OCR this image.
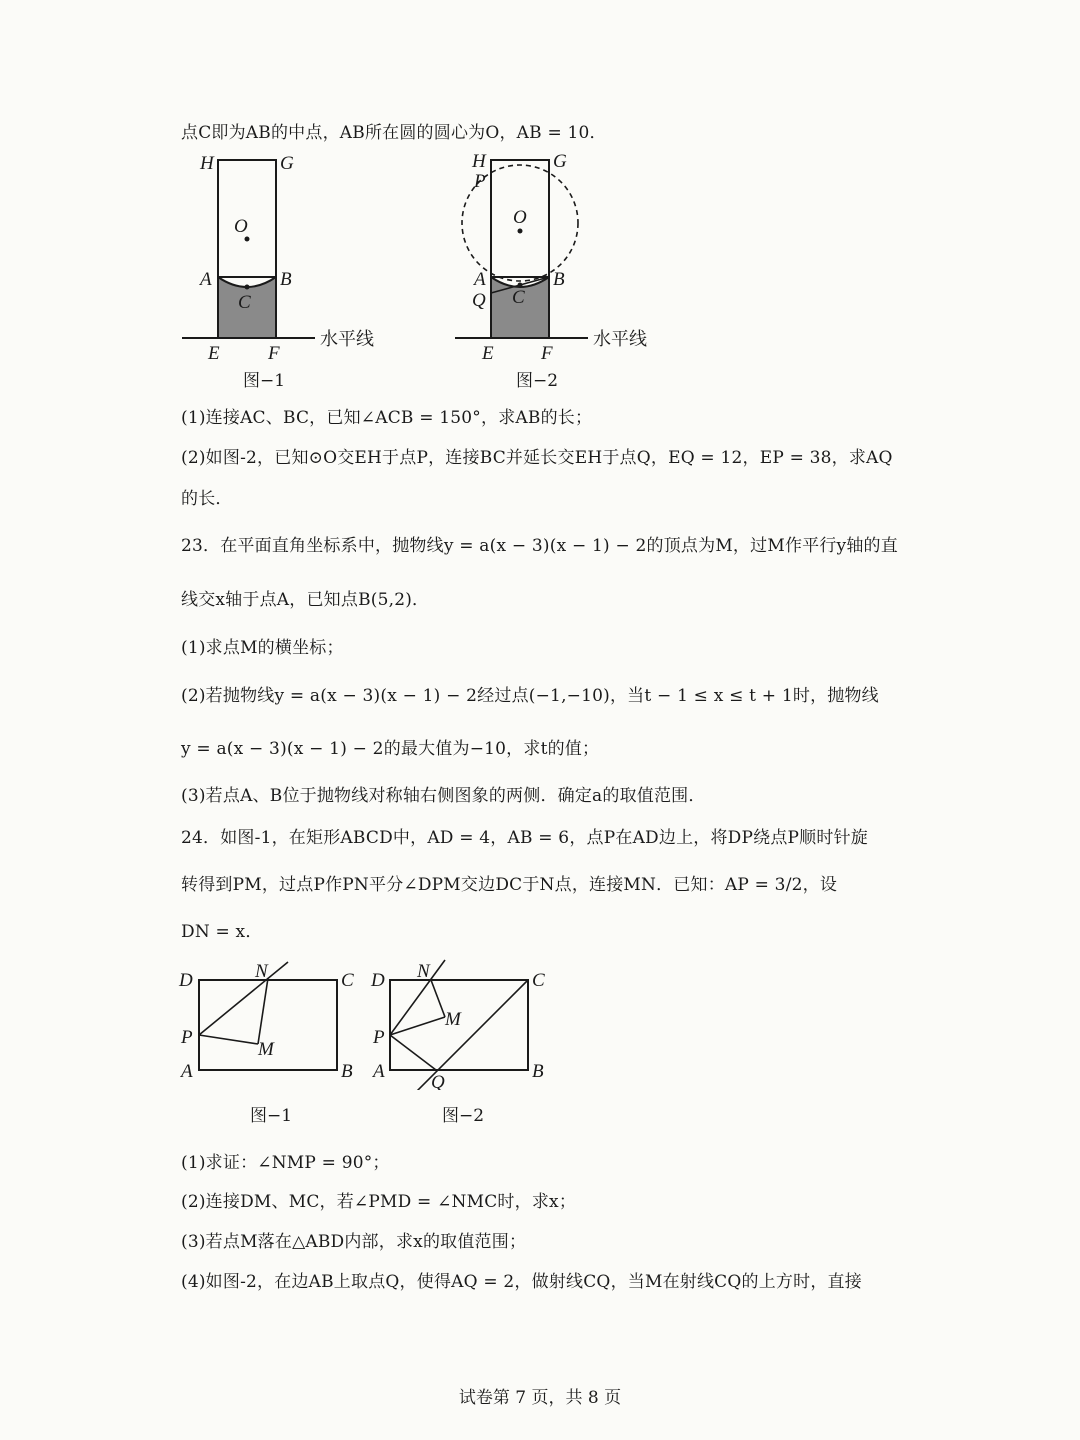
点C即为AB的中点，AB所在圆的圆心为O，AB = 10．
H	G
O
A	B
C
E	F
水平线
图−1
H
P
G
O
A
Q
B
C
E F
水平线
图−2
(1)连接AC、BC，已知∠ACB = 150°，求AB的长；
(2)如图-2，已知⊙O交EH于点P，连接BC并延长交EH于点Q，EQ = 12，EP = 38，求AQ
的长．
23．在平面直角坐标系中，抛物线y = a(x − 3)(x − 1) − 2的顶点为M，过M作平行y轴的直
线交x轴于点A，已知点B(5,2)．
(1)求点M的横坐标；
(2)若抛物线y = a(x − 3)(x − 1) − 2经过点(−1,−10)，当t − 1 ≤ x ≤ t + 1时，抛物线
y = a(x − 3)(x − 1) − 2的最大值为−10，求t的值；
(3)若点A、B位于抛物线对称轴右侧图象的两侧．确定a的取值范围．
24．如图-1，在矩形ABCD中，AD = 4，AB = 6，点P在AD边上，将DP绕点P顺时针旋
转得到PM，过点P作PN平分∠DPM交边DC于N点，连接MN．已知：AP = 3/2，设
DN = x．
D	N	C
P
M
A	B
图−1
D N	C
M
P
A
Q
B
图−2
(1)求证：∠NMP = 90°；
(2)连接DM、MC，若∠PMD = ∠NMC时，求x；
(3)若点M落在△ABD内部，求x的取值范围；
(4)如图-2，在边AB上取点Q，使得AQ = 2，做射线CQ，当M在射线CQ的上方时，直接
试卷第 7 页，共 8 页
